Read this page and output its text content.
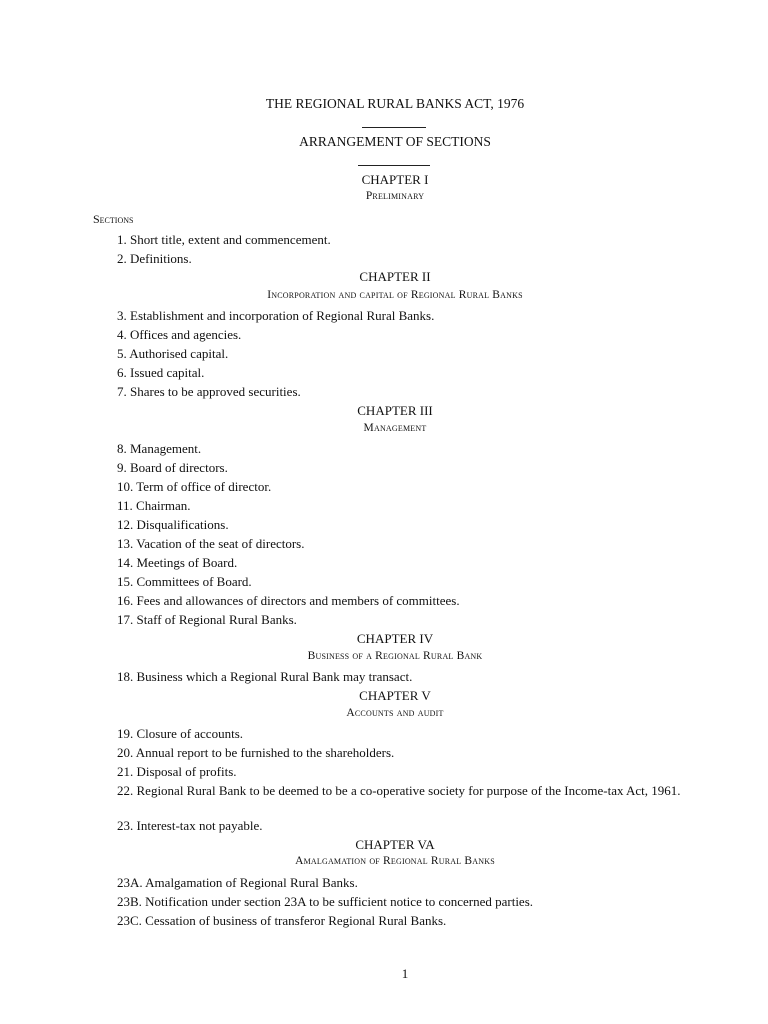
THE REGIONAL RURAL BANKS ACT, 1976
ARRANGEMENT OF SECTIONS
CHAPTER I
Preliminary
Sections
1. Short title, extent and commencement.
2. Definitions.
CHAPTER II
Incorporation and capital of Regional Rural Banks
3. Establishment and incorporation of Regional Rural Banks.
4. Offices and agencies.
5. Authorised capital.
6. Issued capital.
7. Shares to be approved securities.
CHAPTER III
Management
8. Management.
9. Board of directors.
10. Term of office of director.
11. Chairman.
12. Disqualifications.
13. Vacation of the seat of directors.
14. Meetings of Board.
15. Committees of Board.
16. Fees and allowances of directors and members of committees.
17. Staff of Regional Rural Banks.
CHAPTER IV
Business of a Regional Rural Bank
18. Business which a Regional Rural Bank may transact.
CHAPTER V
Accounts and audit
19. Closure of accounts.
20. Annual report to be furnished to the shareholders.
21. Disposal of profits.
22. Regional Rural Bank to be deemed to be a co-operative society for purpose of the Income-tax Act, 1961.
23. Interest-tax not payable.
CHAPTER VA
Amalgamation of Regional Rural Banks
23A. Amalgamation of Regional Rural Banks.
23B. Notification under section 23A to be sufficient notice to concerned parties.
23C. Cessation of business of transferor Regional Rural Banks.
1
